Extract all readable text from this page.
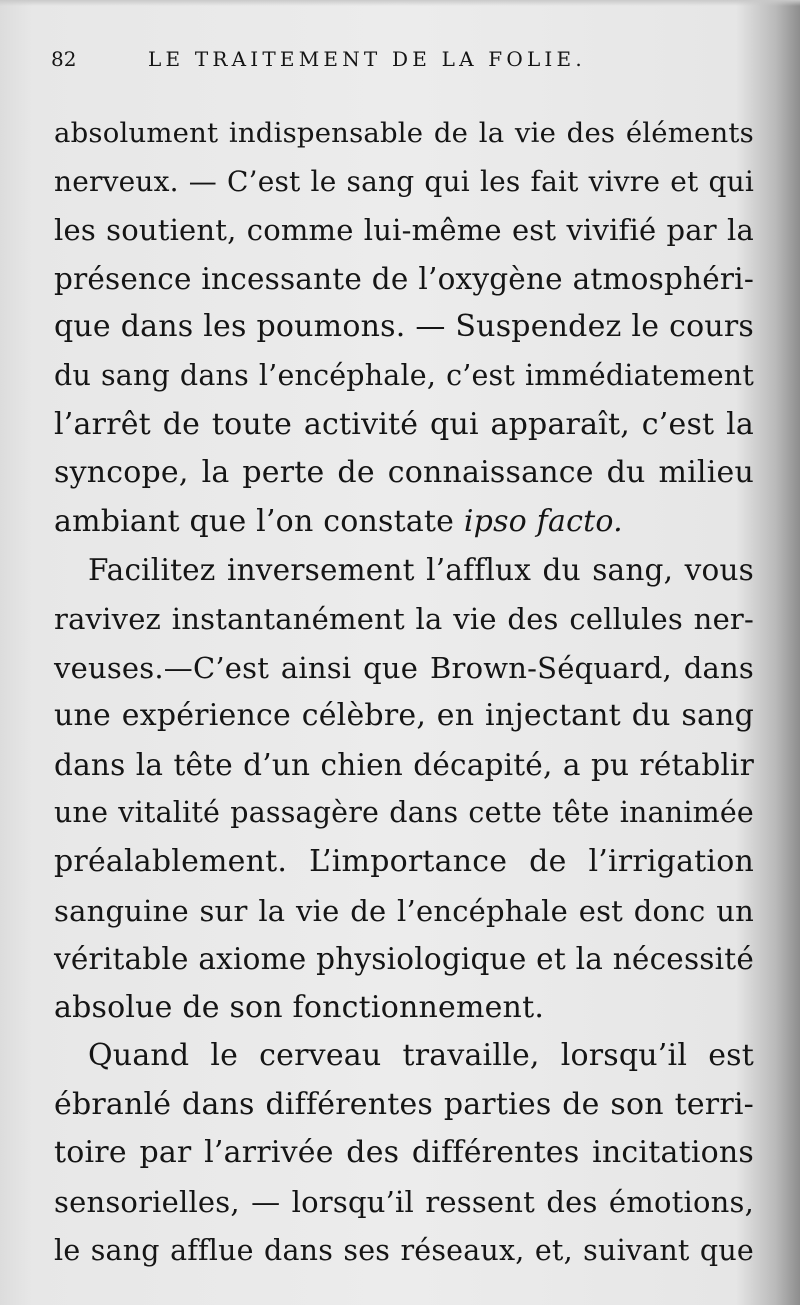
82	LE TRAITEMENT DE LA FOLIE.
absolument indispensable de la vie des éléments
nerveux. — C’est le sang qui les fait vivre et qui
les soutient, comme lui-même est vivifié par la
présence incessante de l’oxygène atmosphéri-
que dans les poumons. — Suspendez le cours
du sang dans l’encéphale, c’est immédiatement
l’arrêt de toute activité qui apparaît, c’est la
syncope, la perte de connaissance du milieu
ambiant que l’on constate ipso facto.
Facilitez inversement l’afflux du sang, vous
ravivez instantanément la vie des cellules ner-
veuses.—C’est ainsi que Brown-Séquard, dans
une expérience célèbre, en injectant du sang
dans la tête d’un chien décapité, a pu rétablir
une vitalité passagère dans cette tête inanimée
préalablement. L’importance de l’irrigation
sanguine sur la vie de l’encéphale est donc un
véritable axiome physiologique et la nécessité
absolue de son fonctionnement.
Quand le cerveau travaille, lorsqu’il est
ébranlé dans différentes parties de son terri-
toire par l’arrivée des différentes incitations
sensorielles, — lorsqu’il ressent des émotions,
le sang afflue dans ses réseaux, et, suivant que
